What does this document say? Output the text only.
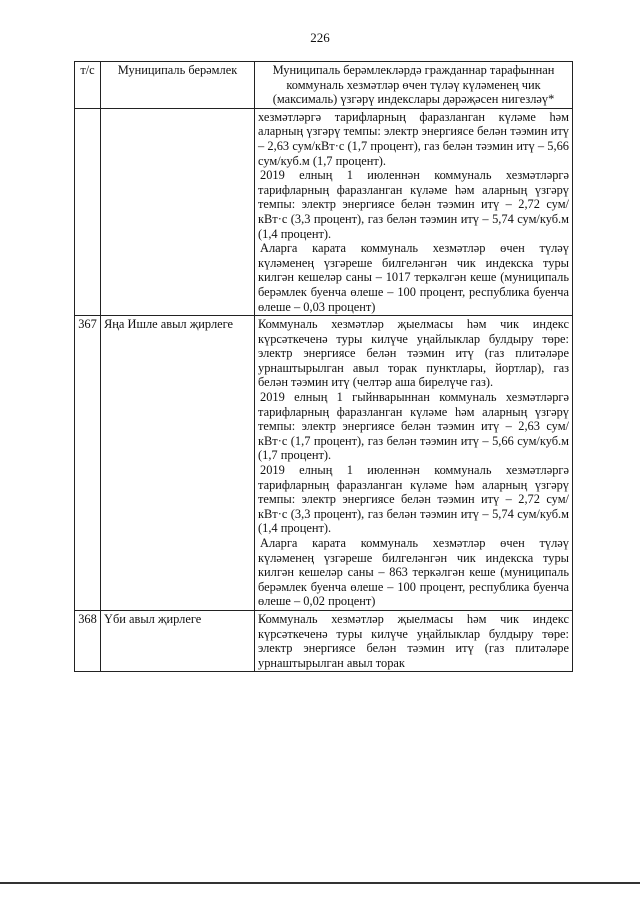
226
т/с	Муниципаль берәмлек	Муниципаль берәмлекләрдә гражданнар тарафыннан коммуналь хезмәтләр өчен түләү күләменең чик (максималь) үзгәрү индекслары дәрәҗәсен нигезләү*

		хезмәтләргә тарифларның фаразланган күләме һәм аларның үзгәрү темпы: электр энергиясе белән тәэмин итү – 2,63 сум/кВт·с (1,7 процент), газ белән тәэмин итү – 5,66 сум/куб.м (1,7 процент).

2019 елның 1 июленнән коммуналь хезмәтләргә тарифларның фаразланган күләме һәм аларның үзгәрү темпы: электр энергиясе белән тәэмин итү – 2,72 сум/кВт·с (3,3 процент), газ белән тәэмин итү – 5,74 сум/куб.м (1,4 процент).

Аларга карата коммуналь хезмәтләр өчен түләү күләменең үзгәреше билгеләнгән чик индекска туры килгән кешеләр саны – 1017 теркәлгән кеше (муниципаль берәмлек буенча өлеше – 100 процент, республика буенча өлеше – 0,03 процент)

367	Яңа Ишле авыл җирлеге	Коммуналь хезмәтләр җыелмасы һәм чик индекс күрсәткеченә туры килүче уңайлыклар булдыру төре: электр энергиясе белән тәэмин итү (газ плитәләре урнаштырылган авыл торак пунктлары, йортлар), газ белән тәэмин итү (челтәр аша бирелүче газ).

2019 елның 1 гыйнварыннан коммуналь хезмәтләргә тарифларның фаразланган күләме һәм аларның үзгәрү темпы: электр энергиясе белән тәэмин итү – 2,63 сум/кВт·с (1,7 процент), газ белән тәэмин итү – 5,66 сум/куб.м (1,7 процент).

2019 елның 1 июленнән коммуналь хезмәтләргә тарифларның фаразланган күләме һәм аларның үзгәрү темпы: электр энергиясе белән тәэмин итү – 2,72 сум/кВт·с (3,3 процент), газ белән тәэмин итү – 5,74 сум/куб.м (1,4 процент).

Аларга карата коммуналь хезмәтләр өчен түләү күләменең үзгәреше билгеләнгән чик индекска туры килгән кешеләр саны – 863 теркәлгән кеше (муниципаль берәмлек буенча өлеше – 100 процент, республика буенча өлеше – 0,02 процент)

368	Үби авыл җирлеге	Коммуналь хезмәтләр җыелмасы һәм чик индекс күрсәткеченә туры килүче уңайлыклар булдыру төре: электр энергиясе белән тәэмин итү (газ плитәләре урнаштырылган авыл торак
